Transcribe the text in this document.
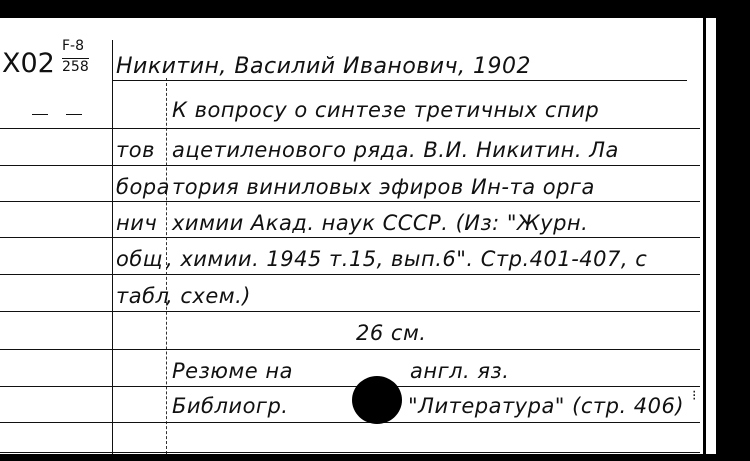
X02
F-8
258 Никитин, Василий Иванович, 1902
тов
бора
нич
общ
табл
К вопросу о синтезе третичных спир
ацетиленового ряда. В.И. Никитин. Ла
тория виниловых эфиров Ин-та орга
химии Акад. наук СССР. (Из: "Журн.
, химии. 1945 т.15, вып.6". Стр.401-407, с
, схем.)
26 см.
Резюме на	англ. яз.
Библиогр.	"Литература" (стр. 406) ⁝
